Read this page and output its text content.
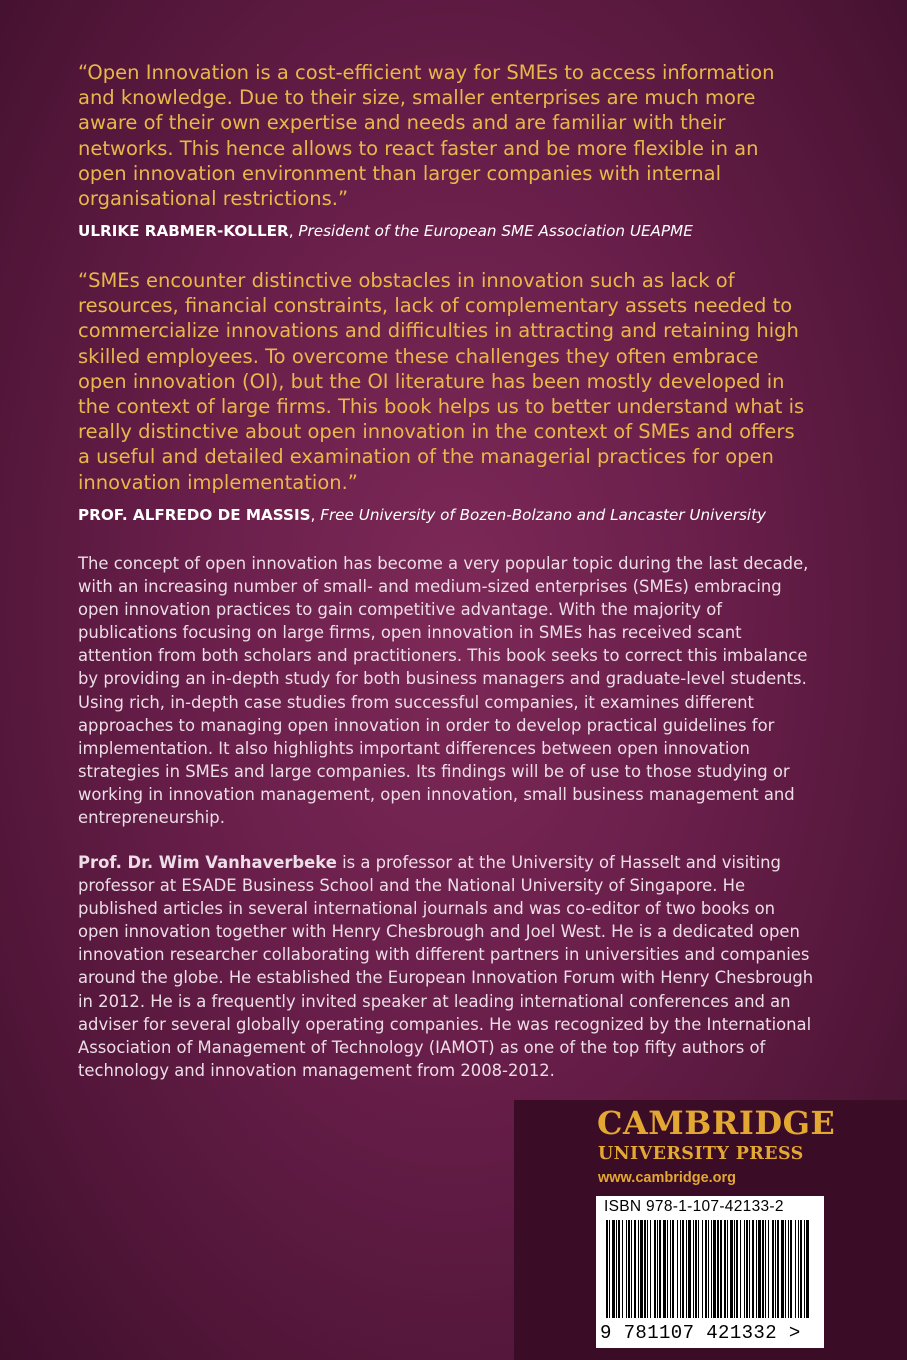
“Open Innovation is a cost-efficient way for SMEs to access information and knowledge. Due to their size, smaller enterprises are much more aware of their own expertise and needs and are familiar with their networks. This hence allows to react faster and be more flexible in an open innovation environment than larger companies with internal organisational restrictions.”

ULRIKE RABMER-KOLLER, President of the European SME Association UEAPME

“SMEs encounter distinctive obstacles in innovation such as lack of resources, financial constraints, lack of complementary assets needed to commercialize innovations and difficulties in attracting and retaining high skilled employees. To overcome these challenges they often embrace open innovation (OI), but the OI literature has been mostly developed in the context of large firms. This book helps us to better understand what is really distinctive about open innovation in the context of SMEs and offers a useful and detailed examination of the managerial practices for open innovation implementation.”

PROF. ALFREDO DE MASSIS, Free University of Bozen-Bolzano and Lancaster University

The concept of open innovation has become a very popular topic during the last decade, with an increasing number of small- and medium-sized enterprises (SMEs) embracing open innovation practices to gain competitive advantage. With the majority of publications focusing on large firms, open innovation in SMEs has received scant attention from both scholars and practitioners. This book seeks to correct this imbalance by providing an in-depth study for both business managers and graduate-level students. Using rich, in-depth case studies from successful companies, it examines different approaches to managing open innovation in order to develop practical guidelines for implementation. It also highlights important differences between open innovation strategies in SMEs and large companies. Its findings will be of use to those studying or working in innovation management, open innovation, small business management and entrepreneurship.

Prof. Dr. Wim Vanhaverbeke is a professor at the University of Hasselt and visiting professor at ESADE Business School and the National University of Singapore. He published articles in several international journals and was co-editor of two books on open innovation together with Henry Chesbrough and Joel West. He is a dedicated open innovation researcher collaborating with different partners in universities and companies around the globe. He established the European Innovation Forum with Henry Chesbrough in 2012. He is a frequently invited speaker at leading international conferences and an adviser for several globally operating companies. He was recognized by the International Association of Management of Technology (IAMOT) as one of the top fifty authors of technology and innovation management from 2008-2012.

CAMBRIDGE
UNIVERSITY PRESS
www.cambridge.org
ISBN 978-1-107-42133-2
9 781107 421332 >
